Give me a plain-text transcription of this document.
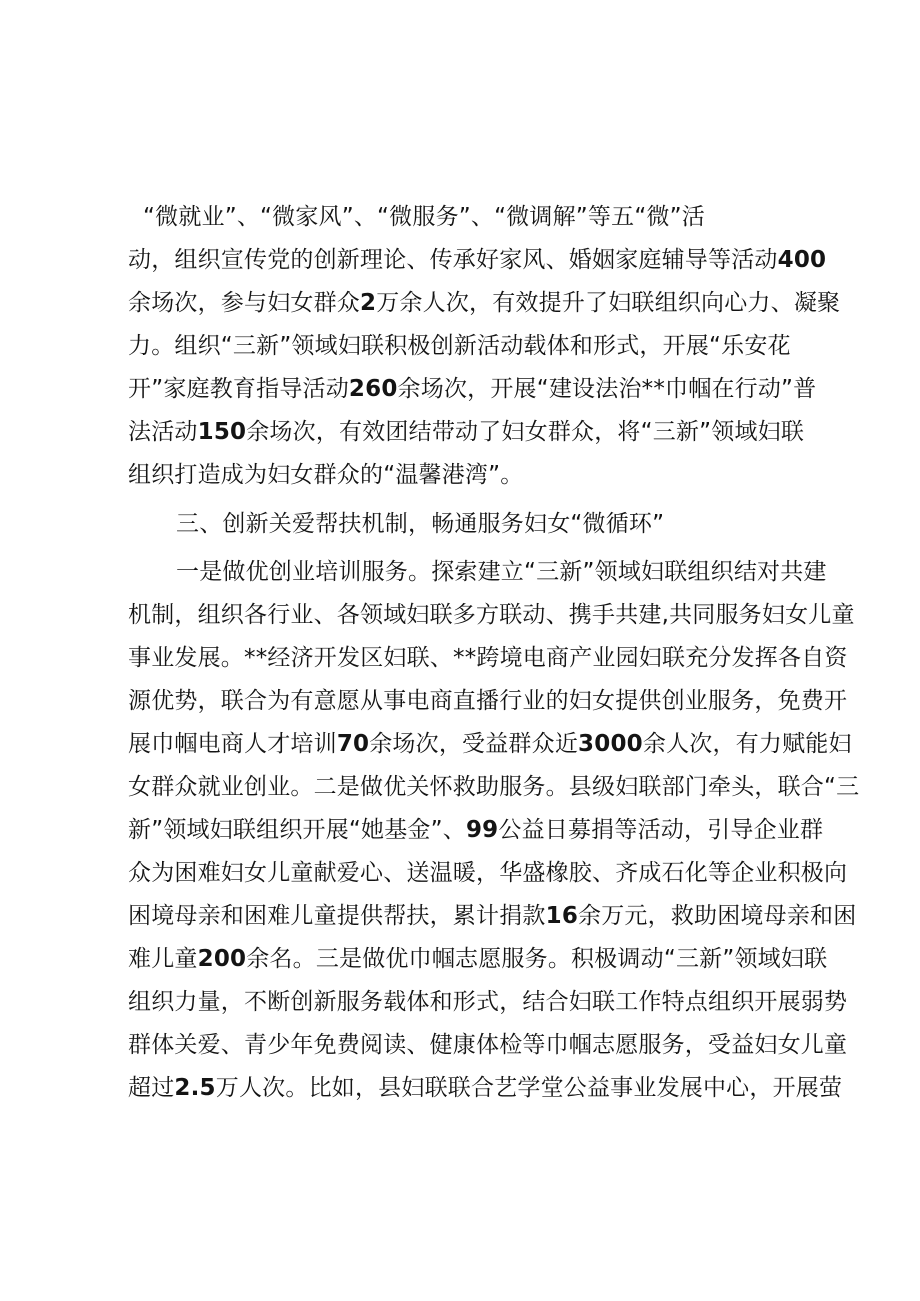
“微就业”、“微家风”、“微服务”、“微调解”等五“微”活
动，组织宣传党的创新理论、传承好家风、婚姻家庭辅导等活动400
余场次，参与妇女群众2万余人次，有效提升了妇联组织向心力、凝聚
力。组织“三新”领域妇联积极创新活动载体和形式，开展“乐安花
开”家庭教育指导活动260余场次，开展“建设法治**巾帼在行动”普
法活动150余场次，有效团结带动了妇女群众，将“三新”领域妇联
组织打造成为妇女群众的“温馨港湾”。
三、创新关爱帮扶机制，畅通服务妇女“微循环”
一是做优创业培训服务。探索建立“三新”领域妇联组织结对共建
机制，组织各行业、各领域妇联多方联动、携手共建,共同服务妇女儿童
事业发展。**经济开发区妇联、**跨境电商产业园妇联充分发挥各自资
源优势，联合为有意愿从事电商直播行业的妇女提供创业服务，免费开
展巾帼电商人才培训70余场次，受益群众近3000余人次，有力赋能妇
女群众就业创业。二是做优关怀救助服务。县级妇联部门牵头，联合“三
新”领域妇联组织开展“她基金”、99公益日募捐等活动，引导企业群
众为困难妇女儿童献爱心、送温暖，华盛橡胶、齐成石化等企业积极向
困境母亲和困难儿童提供帮扶，累计捐款16余万元，救助困境母亲和困
难儿童200余名。三是做优巾帼志愿服务。积极调动“三新”领域妇联
组织力量，不断创新服务载体和形式，结合妇联工作特点组织开展弱势
群体关爱、青少年免费阅读、健康体检等巾帼志愿服务，受益妇女儿童
超过2.5万人次。比如，县妇联联合艺学堂公益事业发展中心，开展萤
